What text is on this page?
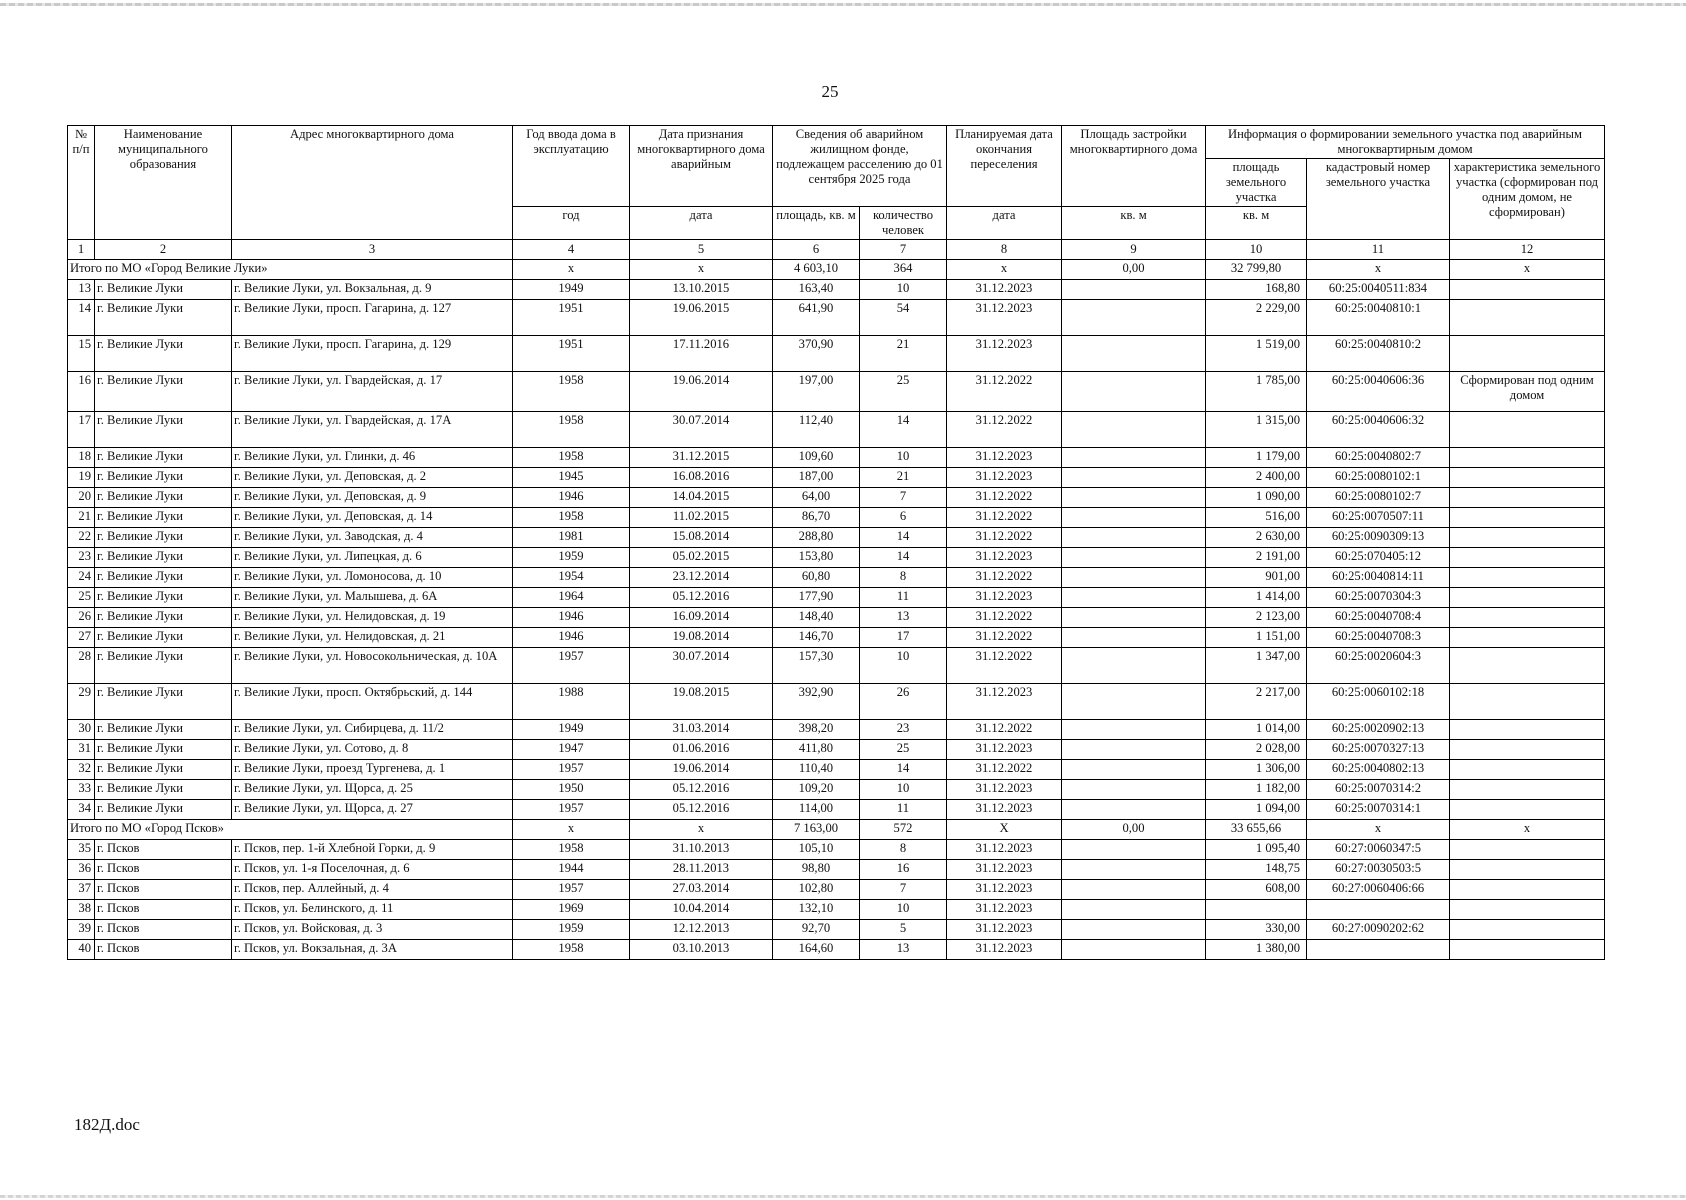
25
№ п/п	Наименование муниципального образования	Адрес многоквартирного дома	Год ввода дома в эксплуатацию	Дата признания многоквартирного дома аварийным	Сведения об аварийном жилищном фонде, подлежащем расселению до 01 сентября 2025 года		Планируемая дата окончания переселения	Площадь застройки многоквартирного дома	Информация о формировании земельного участка под аварийным многоквартирным домом		
									площадь земельного участка	кадастровый номер земельного участка	характеристика земельного участка (сформирован под одним домом, не сформирован)
			год	дата	площадь, кв. м	количество человек	дата	кв. м	кв. м		
1	2	3	4	5	6	7	8	9	10	11	12
Итого по МО «Город Великие Луки»			х	х	4 603,10	364	х	0,00	32 799,80	х	х
13	г. Великие Луки	г. Великие Луки, ул. Вокзальная, д. 9	1949	13.10.2015	163,40	10	31.12.2023		168,80	60:25:0040511:834	
14	г. Великие Луки	г. Великие Луки, просп. Гагарина, д. 127	1951	19.06.2015	641,90	54	31.12.2023		2 229,00	60:25:0040810:1	
15	г. Великие Луки	г. Великие Луки, просп. Гагарина, д. 129	1951	17.11.2016	370,90	21	31.12.2023		1 519,00	60:25:0040810:2	
16	г. Великие Луки	г. Великие Луки, ул. Гвардейская, д. 17	1958	19.06.2014	197,00	25	31.12.2022		1 785,00	60:25:0040606:36	Сформирован под одним домом
17	г. Великие Луки	г. Великие Луки, ул. Гвардейская, д. 17А	1958	30.07.2014	112,40	14	31.12.2022		1 315,00	60:25:0040606:32	
18	г. Великие Луки	г. Великие Луки, ул. Глинки, д. 46	1958	31.12.2015	109,60	10	31.12.2023		1 179,00	60:25:0040802:7	
19	г. Великие Луки	г. Великие Луки, ул. Деповская, д. 2	1945	16.08.2016	187,00	21	31.12.2023		2 400,00	60:25:0080102:1	
20	г. Великие Луки	г. Великие Луки, ул. Деповская, д. 9	1946	14.04.2015	64,00	7	31.12.2022		1 090,00	60:25:0080102:7	
21	г. Великие Луки	г. Великие Луки, ул. Деповская, д. 14	1958	11.02.2015	86,70	6	31.12.2022		516,00	60:25:0070507:11	
22	г. Великие Луки	г. Великие Луки, ул. Заводская, д. 4	1981	15.08.2014	288,80	14	31.12.2022		2 630,00	60:25:0090309:13	
23	г. Великие Луки	г. Великие Луки, ул. Липецкая, д. 6	1959	05.02.2015	153,80	14	31.12.2023		2 191,00	60:25:070405:12	
24	г. Великие Луки	г. Великие Луки, ул. Ломоносова, д. 10	1954	23.12.2014	60,80	8	31.12.2022		901,00	60:25:0040814:11	
25	г. Великие Луки	г. Великие Луки, ул. Малышева, д. 6А	1964	05.12.2016	177,90	11	31.12.2023		1 414,00	60:25:0070304:3	
26	г. Великие Луки	г. Великие Луки, ул. Нелидовская, д. 19	1946	16.09.2014	148,40	13	31.12.2022		2 123,00	60:25:0040708:4	
27	г. Великие Луки	г. Великие Луки, ул. Нелидовская, д. 21	1946	19.08.2014	146,70	17	31.12.2022		1 151,00	60:25:0040708:3	
28	г. Великие Луки	г. Великие Луки, ул. Новосокольническая, д. 10А	1957	30.07.2014	157,30	10	31.12.2022		1 347,00	60:25:0020604:3	
29	г. Великие Луки	г. Великие Луки, просп. Октябрьский, д. 144	1988	19.08.2015	392,90	26	31.12.2023		2 217,00	60:25:0060102:18	
30	г. Великие Луки	г. Великие Луки, ул. Сибирцева, д. 11/2	1949	31.03.2014	398,20	23	31.12.2022		1 014,00	60:25:0020902:13	
31	г. Великие Луки	г. Великие Луки, ул. Сотово, д. 8	1947	01.06.2016	411,80	25	31.12.2023		2 028,00	60:25:0070327:13	
32	г. Великие Луки	г. Великие Луки, проезд Тургенева, д. 1	1957	19.06.2014	110,40	14	31.12.2022		1 306,00	60:25:0040802:13	
33	г. Великие Луки	г. Великие Луки, ул. Щорса, д. 25	1950	05.12.2016	109,20	10	31.12.2023		1 182,00	60:25:0070314:2	
34	г. Великие Луки	г. Великие Луки, ул. Щорса, д. 27	1957	05.12.2016	114,00	11	31.12.2023		1 094,00	60:25:0070314:1	
Итого по МО «Город Псков»			х	х	7 163,00	572	Х	0,00	33 655,66	х	х
35	г. Псков	г. Псков, пер. 1-й Хлебной Горки, д. 9	1958	31.10.2013	105,10	8	31.12.2023		1 095,40	60:27:0060347:5	
36	г. Псков	г. Псков, ул. 1-я Поселочная, д. 6	1944	28.11.2013	98,80	16	31.12.2023		148,75	60:27:0030503:5	
37	г. Псков	г. Псков, пер. Аллейный, д. 4	1957	27.03.2014	102,80	7	31.12.2023		608,00	60:27:0060406:66	
38	г. Псков	г. Псков, ул. Белинского, д. 11	1969	10.04.2014	132,10	10	31.12.2023				
39	г. Псков	г. Псков, ул. Войсковая, д. 3	1959	12.12.2013	92,70	5	31.12.2023		330,00	60:27:0090202:62	
40	г. Псков	г. Псков, ул. Вокзальная, д. 3А	1958	03.10.2013	164,60	13	31.12.2023		1 380,00		
182Д.doc
